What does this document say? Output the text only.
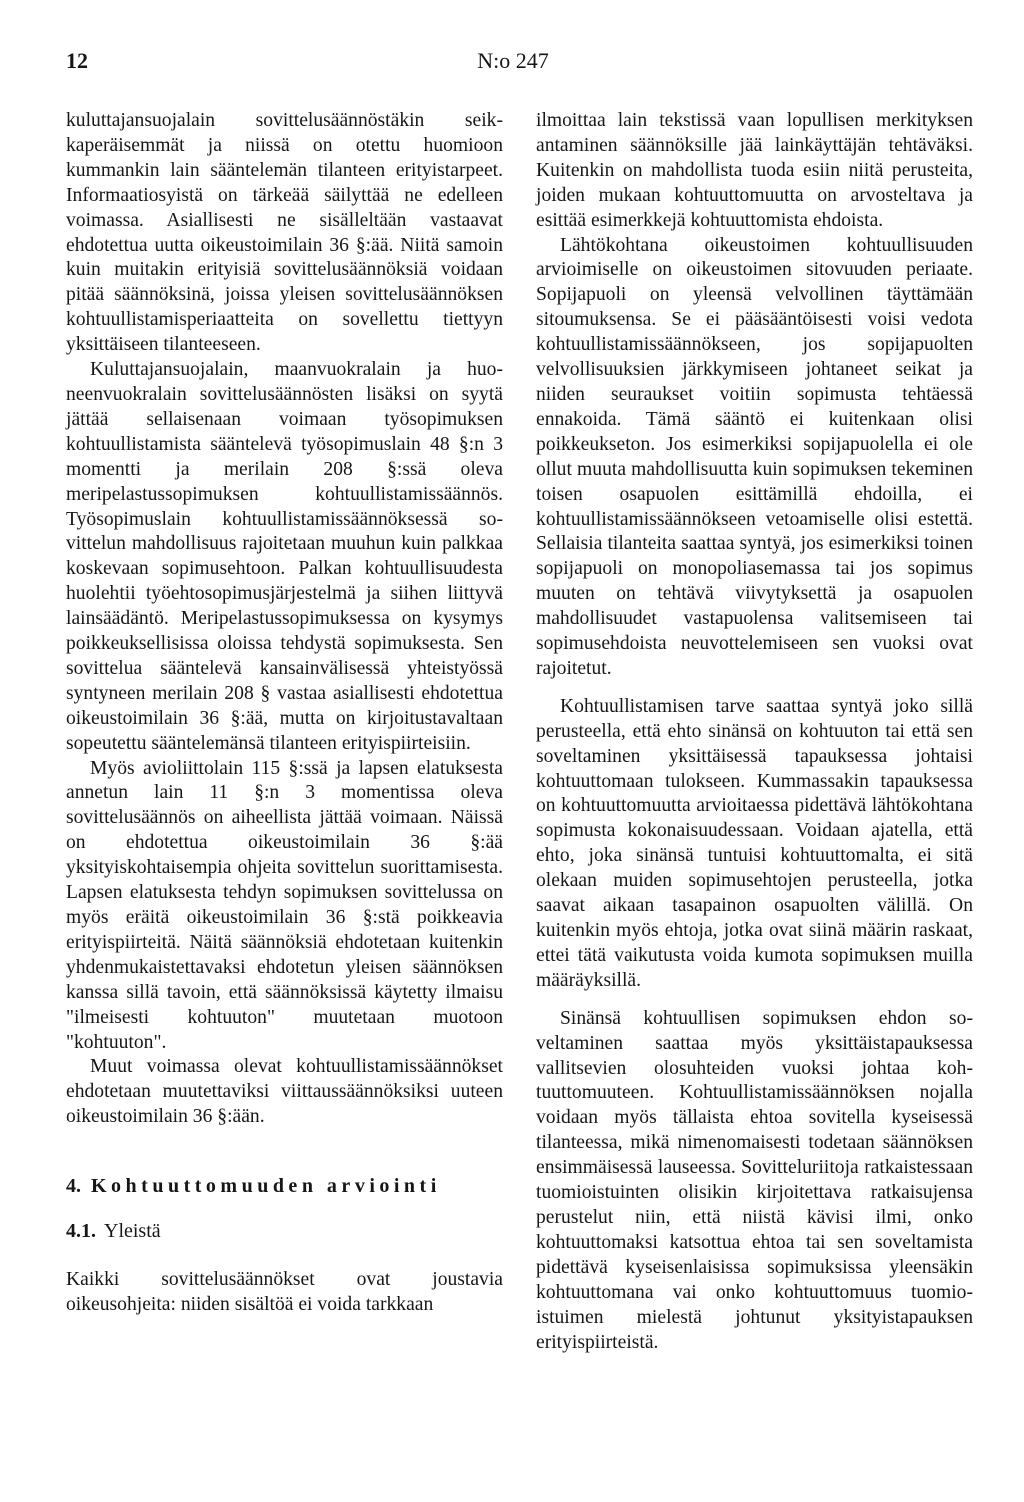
12	N:o 247

kuluttajansuojalain sovittelusäännöstäkin seikkaperäisemmät ja niissä on otettu huomioon kummankin lain sääntelemän tilanteen erityistarpeet. Informaatiosyistä on tärkeää säilyttää ne edelleen voimassa. Asiallisesti ne sisälleltään vastaavat ehdotettua uutta oikeustoimilain 36 §:ää. Niitä samoin kuin muitakin erityisiä sovittelusäännöksiä voidaan pitää säännöksinä, joissa yleisen sovittelusäännöksen kohtuullistamisperiaatteita on sovellettu tiettyyn yksittäiseen tilanteeseen.

Kuluttajansuojalain, maanvuokralain ja huoneenvuokralain sovittelusäännösten lisäksi on syytä jättää sellaisenaan voimaan työsopimuksen kohtuullistamista sääntelevä työsopimuslain 48 §:n 3 momentti ja merilain 208 §:ssä oleva meripelastussopimuksen kohtuullistamissäännös. Työsopimuslain kohtuullistamissäännöksessä sovittelun mahdollisuus rajoitetaan muuhun kuin palkkaa koskevaan sopimusehtoon. Palkan kohtuullisuudesta huolehtii työehtosopimusjärjestelmä ja siihen liittyvä lainsäädäntö. Meripelastussopimuksessa on kysymys poikkeuksellisissa oloissa tehdystä sopimuksesta. Sen sovittelua sääntelevä kansainvälisessä yhteistyössä syntyneen merilain 208 § vastaa asiallisesti ehdotettua oikeustoimilain 36 §:ää, mutta on kirjoitustavaltaan sopeutettu sääntelemänsä tilanteen erityispiirteisiin.

Myös avioliittolain 115 §:ssä ja lapsen elatuksesta annetun lain 11 §:n 3 momentissa oleva sovittelusäännös on aiheellista jättää voimaan. Näissä on ehdotettua oikeustoimilain 36 §:ää yksityiskohtaisempia ohjeita sovittelun suorittamisesta. Lapsen elatuksesta tehdyn sopimuksen sovittelussa on myös eräitä oikeustoimilain 36 §:stä poikkeavia erityispiirteitä. Näitä säännöksiä ehdotetaan kuitenkin yhdenmukaistettavaksi ehdotetun yleisen säännöksen kanssa sillä tavoin, että säännöksissä käytetty ilmaisu "ilmeisesti kohtuuton" muutetaan muotoon "kohtuuton".

Muut voimassa olevat kohtuullistamissäännökset ehdotetaan muutettaviksi viittaussäännöksiksi uuteen oikeustoimilain 36 §:ään.

4. Kohtuuttomuuden arviointi
4.1. Yleistä

Kaikki sovittelusäännökset ovat joustavia oikeusohjeita: niiden sisältöä ei voida tarkkaan

ilmoittaa lain tekstissä vaan lopullisen merkityksen antaminen säännöksille jää lainkäyttäjän tehtäväksi. Kuitenkin on mahdollista tuoda esiin niitä perusteita, joiden mukaan kohtuuttomuutta on arvosteltava ja esittää esimerkkejä kohtuuttomista ehdoista.

Lähtökohtana oikeustoimen kohtuullisuuden arvioimiselle on oikeustoimen sitovuuden periaate. Sopijapuoli on yleensä velvollinen täyttämään sitoumuksensa. Se ei pääsääntöisesti voisi vedota kohtuullistamissäännökseen, jos sopijapuolten velvollisuuksien järkkymiseen johtaneet seikat ja niiden seuraukset voitiin sopimusta tehtäessä ennakoida. Tämä sääntö ei kuitenkaan olisi poikkeukseton. Jos esimerkiksi sopijapuolella ei ole ollut muuta mahdollisuutta kuin sopimuksen tekeminen toisen osapuolen esittämillä ehdoilla, ei kohtuullistamissäännökseen vetoamiselle olisi estettä. Sellaisia tilanteita saattaa syntyä, jos esimerkiksi toinen sopijapuoli on monopoliasemassa tai jos sopimus muuten on tehtävä viivytyksettä ja osapuolen mahdollisuudet vastapuolensa valitsemiseen tai sopimusehdoista neuvottelemiseen sen vuoksi ovat rajoitetut.

Kohtuullistamisen tarve saattaa syntyä joko sillä perusteella, että ehto sinänsä on kohtuuton tai että sen soveltaminen yksittäisessä tapauksessa johtaisi kohtuuttomaan tulokseen. Kummassakin tapauksessa on kohtuuttomuutta arvioitaessa pidettävä lähtökohtana sopimusta kokonaisuudessaan. Voidaan ajatella, että ehto, joka sinänsä tuntuisi kohtuuttomalta, ei sitä olekaan muiden sopimusehtojen perusteella, jotka saavat aikaan tasapainon osapuolten välillä. On kuitenkin myös ehtoja, jotka ovat siinä määrin raskaat, ettei tätä vaikutusta voida kumota sopimuksen muilla määräyksillä.

Sinänsä kohtuullisen sopimuksen ehdon soveltaminen saattaa myös yksittäistapauksessa vallitsevien olosuhteiden vuoksi johtaa kohtuuttomuuteen. Kohtuullistamissäännöksen nojalla voidaan myös tällaista ehtoa sovitella kyseisessä tilanteessa, mikä nimenomaisesti todetaan säännöksen ensimmäisessä lauseessa. Sovitteluriitoja ratkaistessaan tuomioistuinten olisikin kirjoitettava ratkaisujensa perustelut niin, että niistä kävisi ilmi, onko kohtuuttomaksi katsottua ehtoa tai sen soveltamista pidettävä kyseisenlaisissa sopimuksissa yleensäkin kohtuuttomana vai onko kohtuuttomuus tuomioistuimen mielestä johtunut yksityistapauksen erityispiirteistä.
